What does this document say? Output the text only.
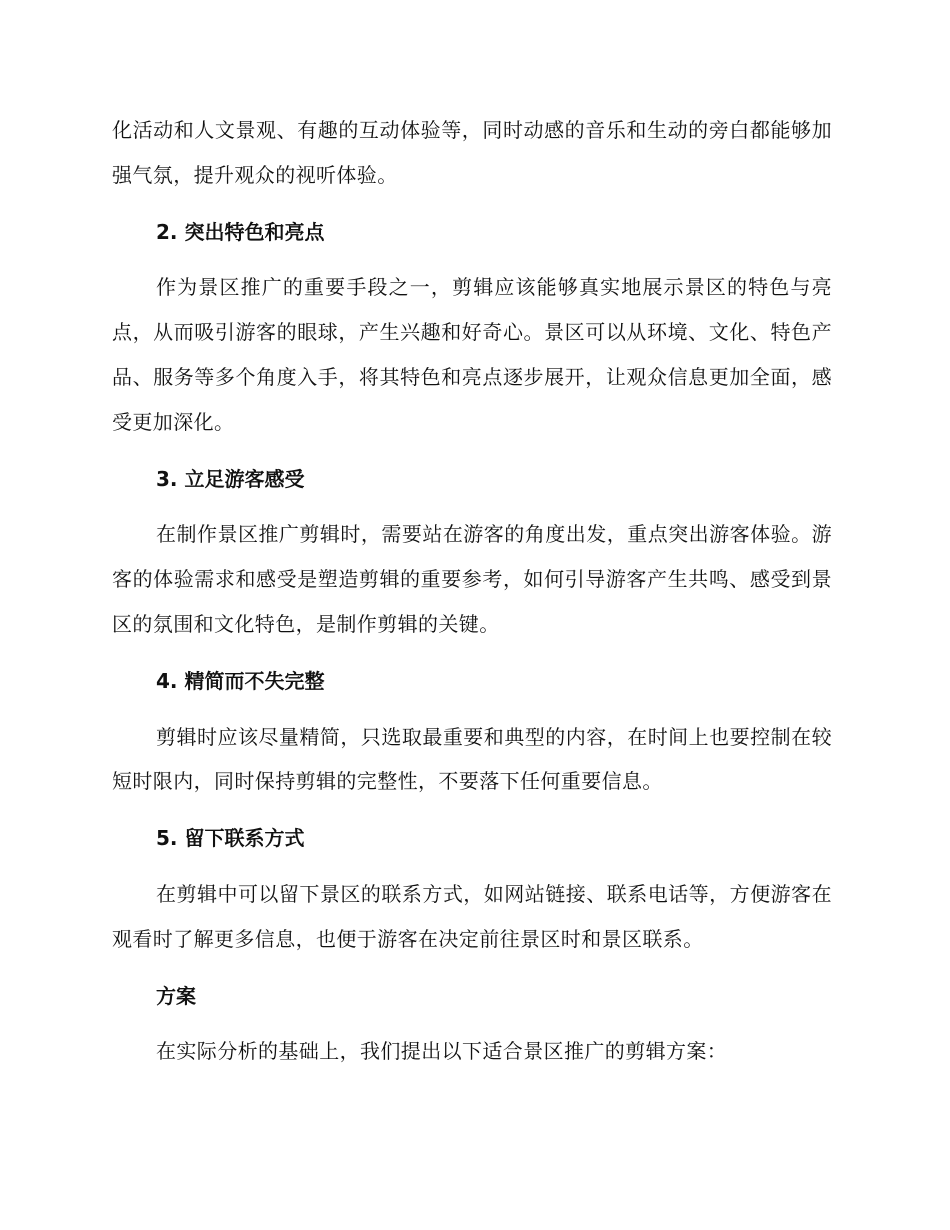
化活动和人文景观、有趣的互动体验等，同时动感的音乐和生动的旁白都能够加强气氛，提升观众的视听体验。

2. 突出特色和亮点

作为景区推广的重要手段之一，剪辑应该能够真实地展示景区的特色与亮点，从而吸引游客的眼球，产生兴趣和好奇心。景区可以从环境、文化、特色产品、服务等多个角度入手，将其特色和亮点逐步展开，让观众信息更加全面，感受更加深化。

3. 立足游客感受

在制作景区推广剪辑时，需要站在游客的角度出发，重点突出游客体验。游客的体验需求和感受是塑造剪辑的重要参考，如何引导游客产生共鸣、感受到景区的氛围和文化特色，是制作剪辑的关键。

4. 精简而不失完整

剪辑时应该尽量精简，只选取最重要和典型的内容，在时间上也要控制在较短时限内，同时保持剪辑的完整性，不要落下任何重要信息。

5. 留下联系方式

在剪辑中可以留下景区的联系方式，如网站链接、联系电话等，方便游客在观看时了解更多信息，也便于游客在决定前往景区时和景区联系。

方案

在实际分析的基础上，我们提出以下适合景区推广的剪辑方案：
